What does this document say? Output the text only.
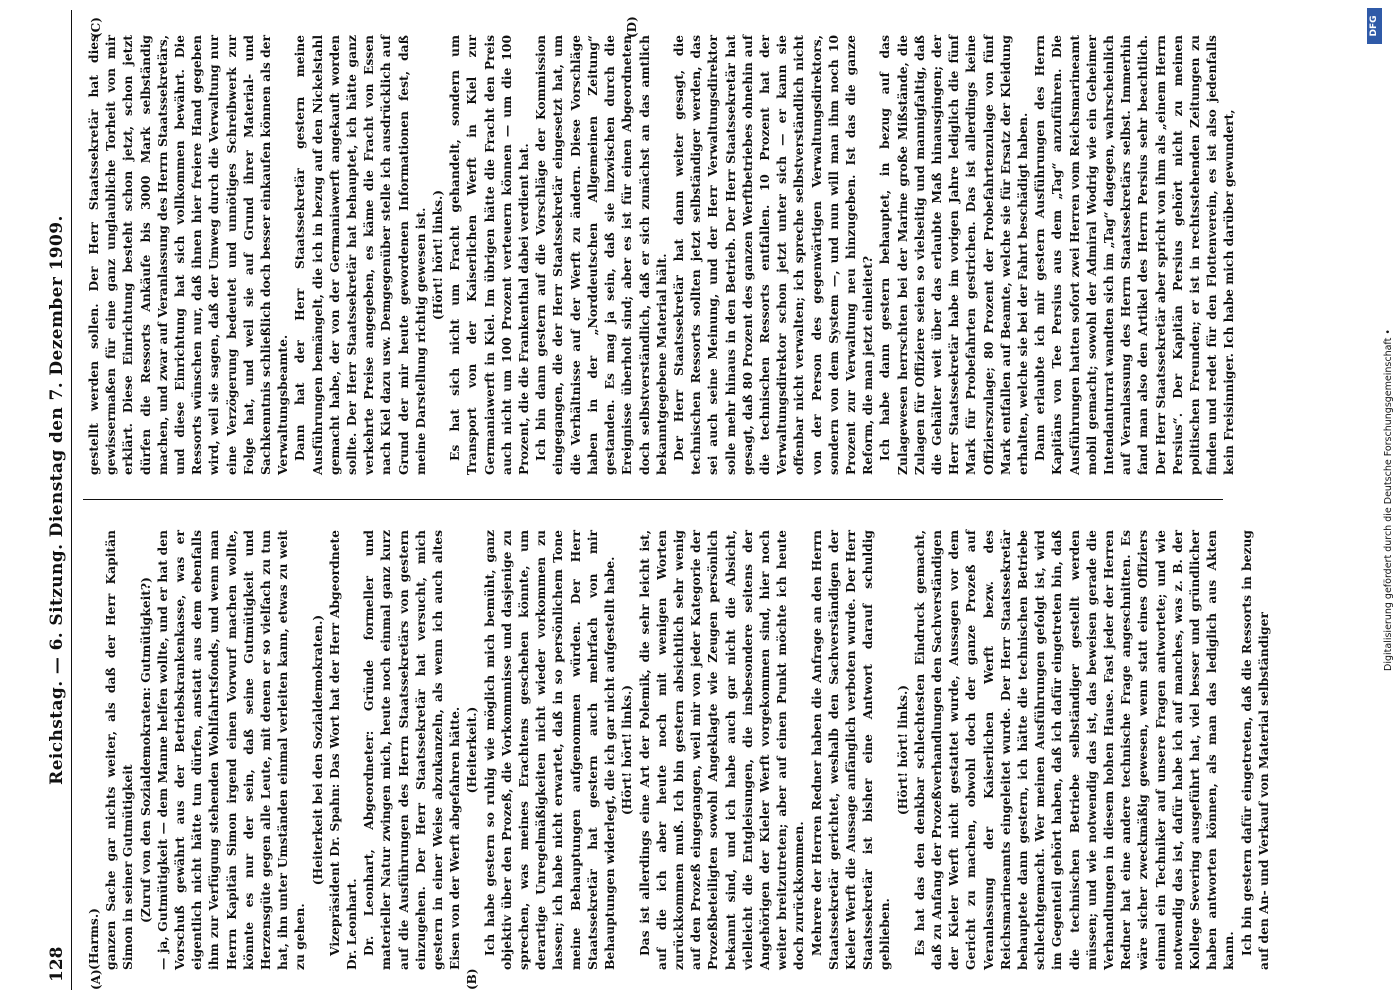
128
Reichstag. — 6. Sitzung. Dienstag den 7. Dezember 1909.
(A)	(B)
(C)	(D)

(Harms.) ganzen Sache gar nichts weiter, als daß der Herr Kapitän Simon in seiner Gutmütigkeit (Zuruf von den Sozialdemokraten: Gutmütigkeit?) — ja, Gutmütigkeit — dem Manne helfen wollte, und er hat den Vorschuß gewährt aus der Betriebskrankenkasse, was er eigentlich nicht hätte tun dürfen, anstatt aus dem ebenfalls ihm zur Verfügung stehenden Wohlfahrtsfonds, und wenn man Herrn Kapitän Simon irgend einen Vorwurf machen wollte, könnte es nur der sein, daß seine Gutmütigkeit und Herzensgüte gegen alle Leute, mit denen er so vielfach zu tun hat, ihn unter Umständen einmal verleiten kann, etwas zu weit zu gehen.

(Heiterkeit bei den Sozialdemokraten.) Vizepräsident Dr. Spahn: Das Wort hat der Herr Abgeordnete Dr. Leonhart. Dr. Leonhart, Abgeordneter: Gründe formeller und materieller Natur zwingen mich, heute noch einmal ganz kurz auf die Ausführungen des Herrn Staatssekretärs von gestern einzugehen. Der Herr Staatssekretär hat versucht, mich gestern in einer Weise abzukanzeln, als wenn ich auch altes Eisen von der Werft abgefahren hätte. (Heiterkeit.) Ich habe gestern so ruhig wie möglich mich bemüht, ganz objektiv über den Prozeß, die Vorkommnisse und dasjenige zu sprechen, was meines Erachtens geschehen könnte, um derartige Unregelmäßigkeiten nicht wieder vorkommen zu lassen; ich habe nicht erwartet, daß in so persönlichem Tone meine Behauptungen aufgenommen würden. Der Herr Staatssekretär hat gestern auch mehrfach von mir Behauptungen widerlegt, die ich gar nicht aufgestellt habe. (Hört! hört! links.) Das ist allerdings eine Art der Polemik, die sehr leicht ist, auf die ich aber heute noch mit wenigen Worten zurückkommen muß. Ich bin gestern absichtlich sehr wenig auf den Prozeß eingegangen, weil mir von jeder Kategorie der Prozeßbeteiligten sowohl Angeklagte wie Zeugen persönlich bekannt sind, und ich habe auch gar nicht die Absicht, vielleicht die Entgleisungen, die insbesondere seitens der Angehörigen der Kieler Werft vorgekommen sind, hier noch weiter breitzutreten; aber auf einen Punkt möchte ich heute doch zurückkommen. Mehrere der Herren Redner haben die Anfrage an den Herrn Staatssekretär gerichtet, weshalb den Sachverständigen der Kieler Werft die Aussage anfänglich verboten wurde. Der Herr Staatssekretär ist bisher eine Antwort darauf schuldig geblieben.

(Hört! hört! links.) Es hat das den denkbar schlechtesten Eindruck gemacht, daß zu Anfang der Prozeßverhandlungen den Sachverständigen der Kieler Werft nicht gestattet wurde, Aussagen vor dem Gericht zu machen, obwohl doch der ganze Prozeß auf Veranlassung der Kaiserlichen Werft bezw. des Reichsmarineamts eingeleitet wurde. Der Herr Staatssekretär behauptete dann gestern, ich hätte die technischen Betriebe schlechtgemacht. Wer meinen Ausführungen gefolgt ist, wird im Gegenteil gehört haben, daß ich dafür eingetreten bin, daß die technischen Betriebe selbständiger gestellt werden müssen; und wie notwendig das ist, das beweisen gerade die Verhandlungen in diesem hohen Hause. Fast jeder der Herren Redner hat eine andere technische Frage angeschnitten. Es wäre sicher zweckmäßig gewesen, wenn statt eines Offiziers einmal ein Techniker auf unsere Fragen antwortete; und wie notwendig das ist, dafür habe ich auf manches, was z. B. der Kollege Severing ausgeführt hat, viel besser und gründlicher haben antworten können, als man das lediglich aus Akten kann. Ich bin gestern dafür eingetreten, daß die Ressorts in bezug auf den An- und Verkauf von Material selbständiger

gestellt werden sollen. Der Herr Staatssekretär hat dies gewissermaßen für eine ganz unglaubliche Torheit von mir erklärt. Diese Einrichtung besteht schon jetzt, schon jetzt dürfen die Ressorts Ankäufe bis 3000 Mark selbständig machen, und zwar auf Veranlassung des Herrn Staatssekretärs, und diese Einrichtung hat sich vollkommen bewährt. Die Ressorts wünschen nur, daß ihnen hier freiere Hand gegeben wird, weil sie sagen, daß der Umweg durch die Verwaltung nur eine Verzögerung bedeutet und unnötiges Schreibwerk zur Folge hat, und weil sie auf Grund ihrer Material- und Sachkenntnis schließlich doch besser einkaufen können als der Verwaltungsbeamte. Dann hat der Herr Staatssekretär gestern meine Ausführungen bemängelt, die ich in bezug auf den Nickelstahl gemacht habe, der von der Germaniawerft angekauft worden sollte. Der Herr Staatssekretär hat behauptet, ich hätte ganz verkehrte Preise angegeben, es käme die Fracht von Essen nach Kiel dazu usw. Demgegenüber stelle ich ausdrücklich auf Grund der mir heute gewordenen Informationen fest, daß meine Darstellung richtig gewesen ist. (Hört! hört! links.) Es hat sich nicht um Fracht gehandelt, sondern um Transport von der Kaiserlichen Werft in Kiel zur Germaniawerft in Kiel. Im übrigen hätte die Fracht den Preis auch nicht um 100 Prozent verteuern können — um die 100 Prozent, die die Frankenthal dabei verdient hat. Ich bin dann gestern auf die Vorschläge der Kommission eingegangen, die der Herr Staatssekretär eingesetzt hat, um die Verhältnisse auf der Werft zu ändern. Diese Vorschläge haben in der „Norddeutschen Allgemeinen Zeitung“ gestanden. Es mag ja sein, daß sie inzwischen durch die Ereignisse überholt sind; aber es ist für einen Abgeordneten doch selbstverständlich, daß er sich zunächst an das amtlich bekanntgegebene Material hält. Der Herr Staatssekretär hat dann weiter gesagt, die technischen Ressorts sollten jetzt selbständiger werden, das sei auch seine Meinung, und der Herr Verwaltungsdirektor solle mehr hinaus in den Betrieb. Der Herr Staatssekretär hat gesagt, daß 80 Prozent des ganzen Werftbetriebes ohnehin auf die technischen Ressorts entfallen. 10 Prozent hat der Verwaltungsdirektor schon jetzt unter sich — er kann sie offenbar nicht verwalten; ich spreche selbstverständlich nicht von der Person des gegenwärtigen Verwaltungsdirektors, sondern von dem System —, und nun will man ihm noch 10 Prozent zur Verwaltung neu hinzugeben. Ist das die ganze Reform, die man jetzt einleitet? Ich habe dann gestern behauptet, in bezug auf das Zulagewesen herrschten bei der Marine große Mißstände, die Zulagen für Offiziere seien so vielseitig und mannigfaltig, daß die Gehälter weit über das erlaubte Maß hinausgingen; der Herr Staatssekretär habe im vorigen Jahre lediglich die fünf Mark für Probefahrten gestrichen. Das ist allerdings keine Offizierszulage; 80 Prozent der Probefahrtenzulage von fünf Mark entfallen auf Beamte, welche sie für Ersatz der Kleidung erhalten, welche sie bei der Fahrt beschädigt haben. Dann erlaubte ich mir gestern Ausführungen des Herrn Kapitäns von Tee Persius aus dem „Tag“ anzuführen. Die Ausführungen hatten sofort zwei Herren vom Reichsmarineamt mobil gemacht; sowohl der Admiral Wodrig wie ein Geheimer Intendanturrat wandten sich im „Tag“ dagegen, wahrscheinlich auf Veranlassung des Herrn Staatssekretärs selbst. Immerhin fand man also den Artikel des Herrn Persius sehr beachtlich. Der Herr Staatssekretär aber spricht von ihm als „einem Herrn Persius“. Der Kapitän Persius gehört nicht zu meinen politischen Freunden; er ist in rechtsstehenden Zeitungen zu finden und redet für den Flottenverein, es ist also jedenfalls kein Freisinniger. Ich habe mich darüber gewundert,

DFG
Digitalisierung gefördert durch die Deutsche Forschungsgemeinschaft •
